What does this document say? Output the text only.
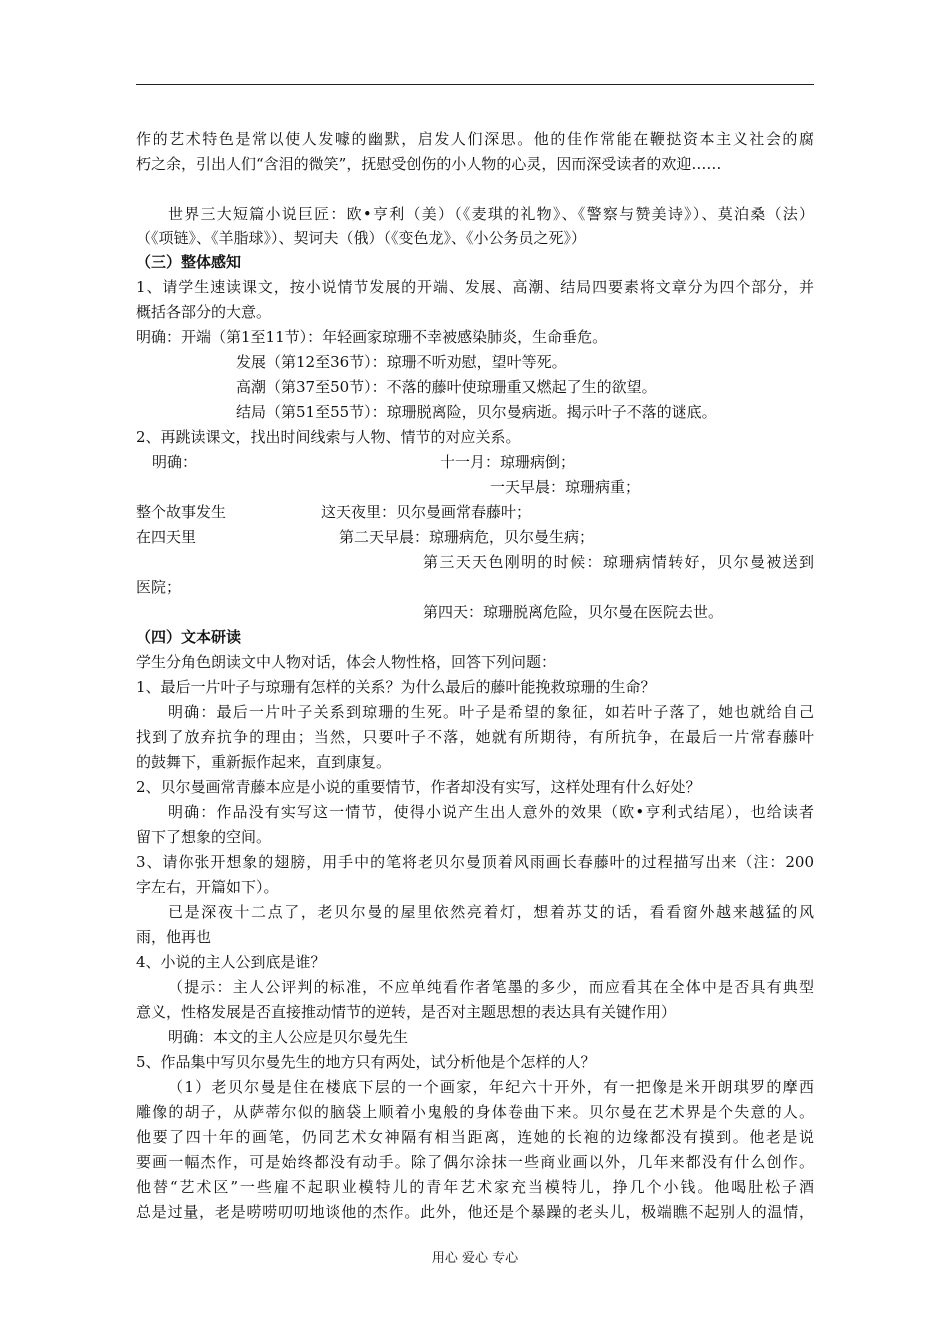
作的艺术特色是常以使人发噱的幽默，启发人们深思。他的佳作常能在鞭挞资本主义社会的腐
朽之余，引出人们“含泪的微笑”，抚慰受创伤的小人物的心灵，因而深受读者的欢迎……
世界三大短篇小说巨匠：欧•亨利（美）（《麦琪的礼物》、《警察与赞美诗》）、莫泊桑（法）
（《项链》、《羊脂球》）、契诃夫（俄）（《变色龙》、《小公务员之死》）
（三）整体感知
1、请学生速读课文，按小说情节发展的开端、发展、高潮、结局四要素将文章分为四个部分，并
概括各部分的大意。
明确：开端（第1至11节）：年轻画家琼珊不幸被感染肺炎，生命垂危。
发展（第12至36节）：琼珊不听劝慰，望叶等死。
高潮（第37至50节）：不落的藤叶使琼珊重又燃起了生的欲望。
结局（第51至55节）：琼珊脱离险，贝尔曼病逝。揭示叶子不落的谜底。
2、再跳读课文，找出时间线索与人物、情节的对应关系。
明确：	十一月：琼珊病倒；
一天早晨：琼珊病重；
整个故事发生	这天夜里：贝尔曼画常春藤叶；
在四天里	第二天早晨：琼珊病危，贝尔曼生病；
第三天天色刚明的时候：琼珊病情转好，贝尔曼被送到
医院；
第四天：琼珊脱离危险，贝尔曼在医院去世。
（四）文本研读
学生分角色朗读文中人物对话，体会人物性格，回答下列问题：
1、最后一片叶子与琼珊有怎样的关系？为什么最后的藤叶能挽救琼珊的生命？
明确：最后一片叶子关系到琼珊的生死。叶子是希望的象征，如若叶子落了，她也就给自己
找到了放弃抗争的理由；当然，只要叶子不落，她就有所期待，有所抗争，在最后一片常春藤叶
的鼓舞下，重新振作起来，直到康复。
2、贝尔曼画常青藤本应是小说的重要情节，作者却没有实写，这样处理有什么好处？
明确：作品没有实写这一情节，使得小说产生出人意外的效果（欧•亨利式结尾），也给读者
留下了想象的空间。
3、请你张开想象的翅膀，用手中的笔将老贝尔曼顶着风雨画长春藤叶的过程描写出来（注：200
字左右，开篇如下）。
已是深夜十二点了，老贝尔曼的屋里依然亮着灯，想着苏艾的话，看看窗外越来越猛的风
雨，他再也
4、小说的主人公到底是谁？
（提示：主人公评判的标准，不应单纯看作者笔墨的多少，而应看其在全体中是否具有典型
意义，性格发展是否直接推动情节的逆转，是否对主题思想的表达具有关键作用）
明确：本文的主人公应是贝尔曼先生
5、作品集中写贝尔曼先生的地方只有两处，试分析他是个怎样的人？
（1）老贝尔曼是住在楼底下层的一个画家，年纪六十开外，有一把像是米开朗琪罗的摩西
雕像的胡子，从萨蒂尔似的脑袋上顺着小鬼般的身体卷曲下来。贝尔曼在艺术界是个失意的人。
他要了四十年的画笔，仍同艺术女神隔有相当距离，连她的长袍的边缘都没有摸到。他老是说
要画一幅杰作，可是始终都没有动手。除了偶尔涂抹一些商业画以外，几年来都没有什么创作。
他替“艺术区”一些雇不起职业模特儿的青年艺术家充当模特儿，挣几个小钱。他喝肚松子酒
总是过量，老是唠唠叨叨地谈他的杰作。此外，他还是个暴躁的老头儿，极端瞧不起别人的温情，
用心 爱心 专心
